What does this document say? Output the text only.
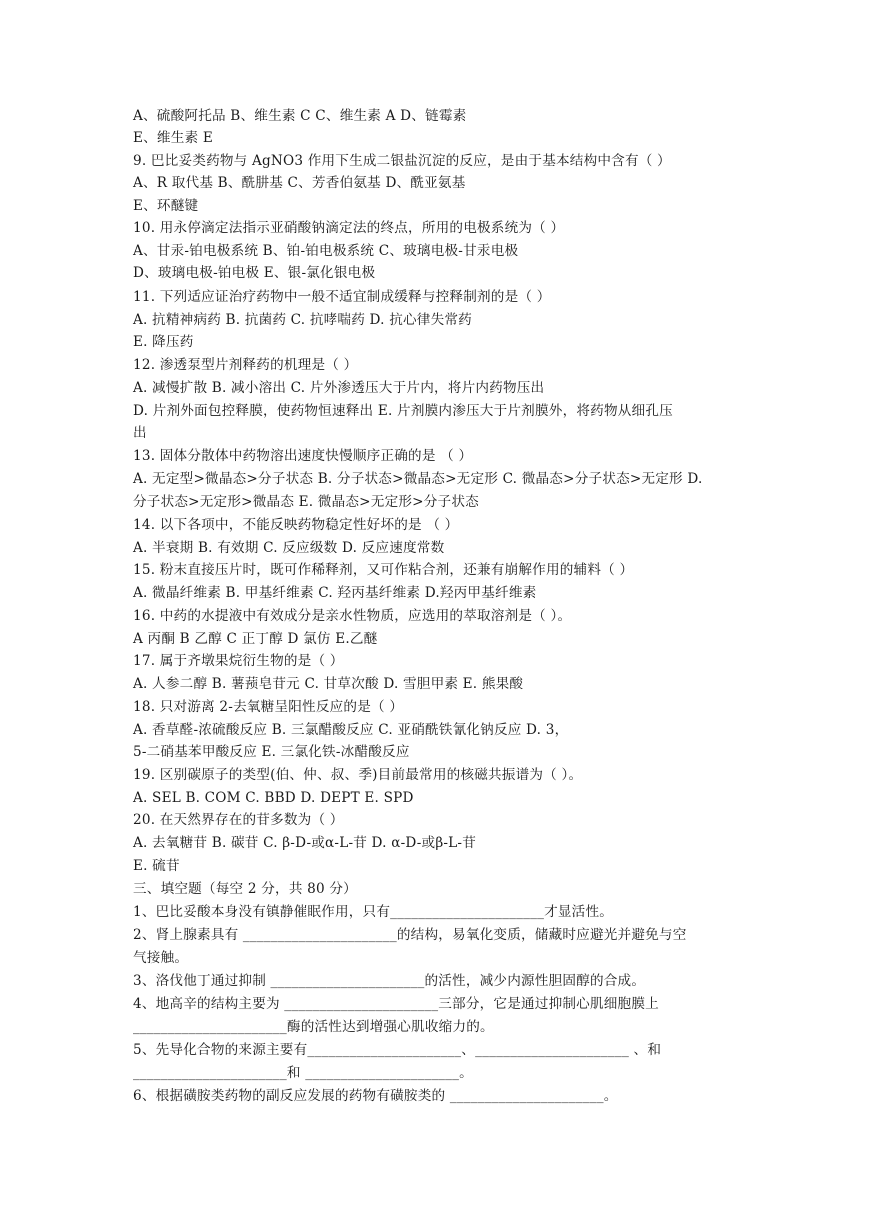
A、硫酸阿托品 B、维生素 C C、维生素 A D、链霉素
E、维生素 E
9. 巴比妥类药物与 AgNO3 作用下生成二银盐沉淀的反应，是由于基本结构中含有（ ）
A、R 取代基 B、酰肼基 C、芳香伯氨基 D、酰亚氨基
E、环醚键
10. 用永停滴定法指示亚硝酸钠滴定法的终点，所用的电极系统为（ ）
A、甘汞-铂电极系统 B、铂-铂电极系统 C、玻璃电极-甘汞电极
D、玻璃电极-铂电极 E、银-氯化银电极
11. 下列适应证治疗药物中一般不适宜制成缓释与控释制剂的是（ ）
A. 抗精神病药 B. 抗菌药 C. 抗哮喘药 D. 抗心律失常药
E. 降压药
12. 渗透泵型片剂释药的机理是（ ）
A. 减慢扩散 B. 减小溶出 C. 片外渗透压大于片内，将片内药物压出
D. 片剂外面包控释膜，使药物恒速释出 E. 片剂膜内渗压大于片剂膜外，将药物从细孔压
出
13. 固体分散体中药物溶出速度快慢顺序正确的是 （ ）
A. 无定型>微晶态>分子状态 B. 分子状态>微晶态>无定形 C. 微晶态>分子状态>无定形 D.
分子状态>无定形>微晶态 E. 微晶态>无定形>分子状态
14. 以下各项中，不能反映药物稳定性好坏的是 （ ）
A. 半衰期 B. 有效期 C. 反应级数 D. 反应速度常数
15. 粉末直接压片时，既可作稀释剂，又可作粘合剂，还兼有崩解作用的辅料（ ）
A. 微晶纤维素 B. 甲基纤维素 C. 羟丙基纤维素 D.羟丙甲基纤维素
16. 中药的水提液中有效成分是亲水性物质，应选用的萃取溶剂是（ ）。
A 丙酮 B 乙醇 C 正丁醇 D 氯仿 E.乙醚
17. 属于齐墩果烷衍生物的是（ ）
A. 人参二醇 B. 薯蓣皂苷元 C. 甘草次酸 D. 雪胆甲素 E. 熊果酸
18. 只对游离 2-去氧糖呈阳性反应的是（ ）
A. 香草醛-浓硫酸反应 B. 三氯醋酸反应 C. 亚硝酰铁氰化钠反应 D. 3，
5-二硝基苯甲酸反应 E. 三氯化铁-冰醋酸反应
19. 区别碳原子的类型(伯、仲、叔、季)目前最常用的核磁共振谱为（ ）。
A. SEL B. COM C. BBD D. DEPT E. SPD
20. 在天然界存在的苷多数为（ ）
A. 去氧糖苷 B. 碳苷 C. β-D-或α-L-苷 D. α-D-或β-L-苷
E. 硫苷
三、填空题（每空 2 分，共 80 分）
1、巴比妥酸本身没有镇静催眠作用，只有______________________才显活性。
2、肾上腺素具有 ______________________的结构，易氧化变质，储藏时应避光并避免与空
气接触。
3、洛伐他丁通过抑制 ______________________的活性，减少内源性胆固醇的合成。
4、地高辛的结构主要为 ______________________三部分，它是通过抑制心肌细胞膜上
______________________酶的活性达到增强心肌收缩力的。
5、先导化合物的来源主要有______________________、______________________ 、和
______________________和 ______________________。
6、根据磺胺类药物的副反应发展的药物有磺胺类的 ______________________。
